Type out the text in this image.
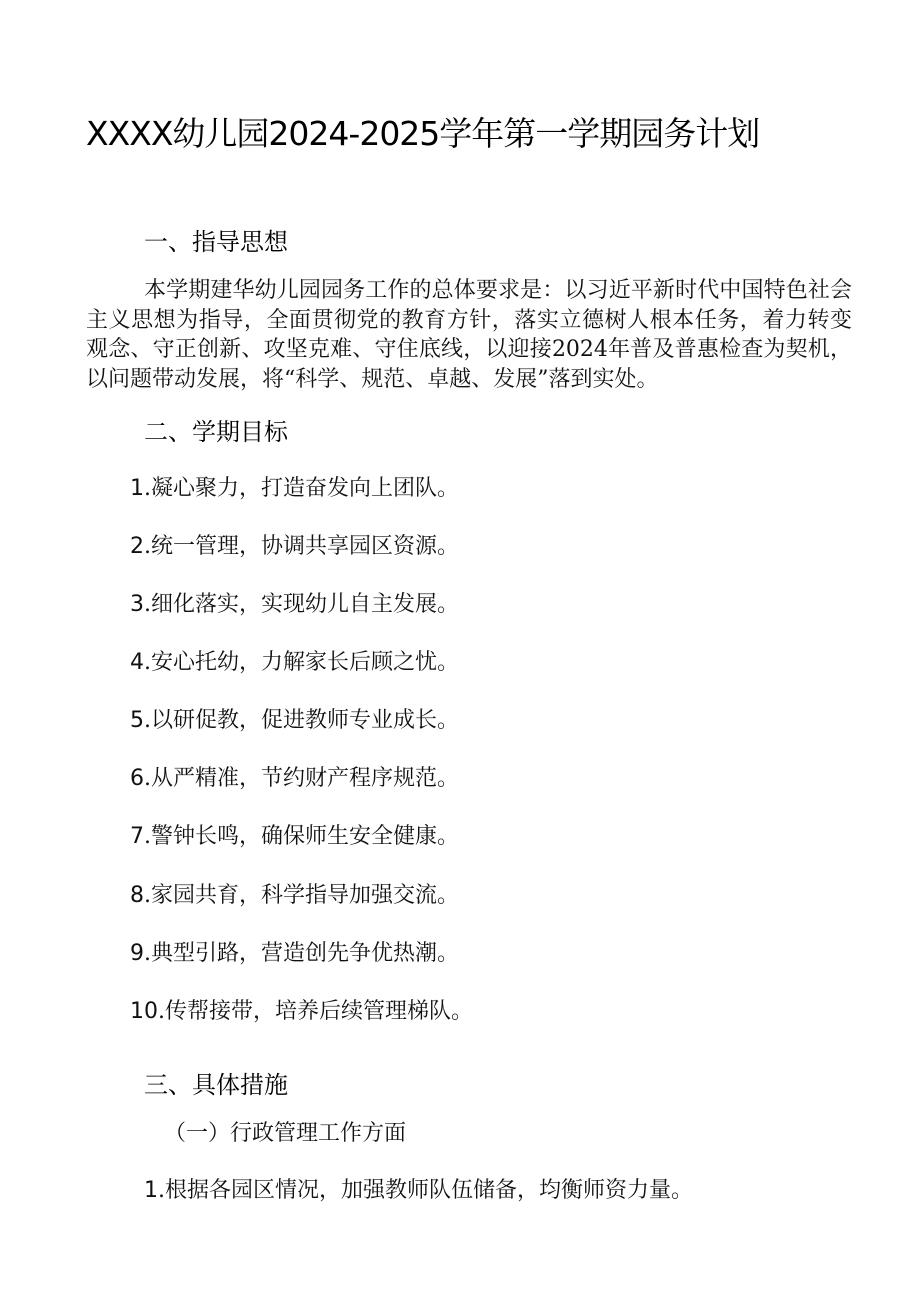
XXXX幼儿园2024-2025学年第一学期园务计划
一、指导思想
本学期建华幼儿园园务工作的总体要求是：以习近平新时代中国特色社会主义思想为指导，全面贯彻党的教育方针，落实立德树人根本任务，着力转变观念、守正创新、攻坚克难、守住底线，以迎接2024年普及普惠检查为契机，以问题带动发展，将“科学、规范、卓越、发展”落到实处。
二、学期目标
1.凝心聚力，打造奋发向上团队。
2.统一管理，协调共享园区资源。
3.细化落实，实现幼儿自主发展。
4.安心托幼，力解家长后顾之忧。
5.以研促教，促进教师专业成长。
6.从严精准，节约财产程序规范。
7.警钟长鸣，确保师生安全健康。
8.家园共育，科学指导加强交流。
9.典型引路，营造创先争优热潮。
10.传帮接带，培养后续管理梯队。
三、具体措施
（一）行政管理工作方面
1.根据各园区情况，加强教师队伍储备，均衡师资力量。
